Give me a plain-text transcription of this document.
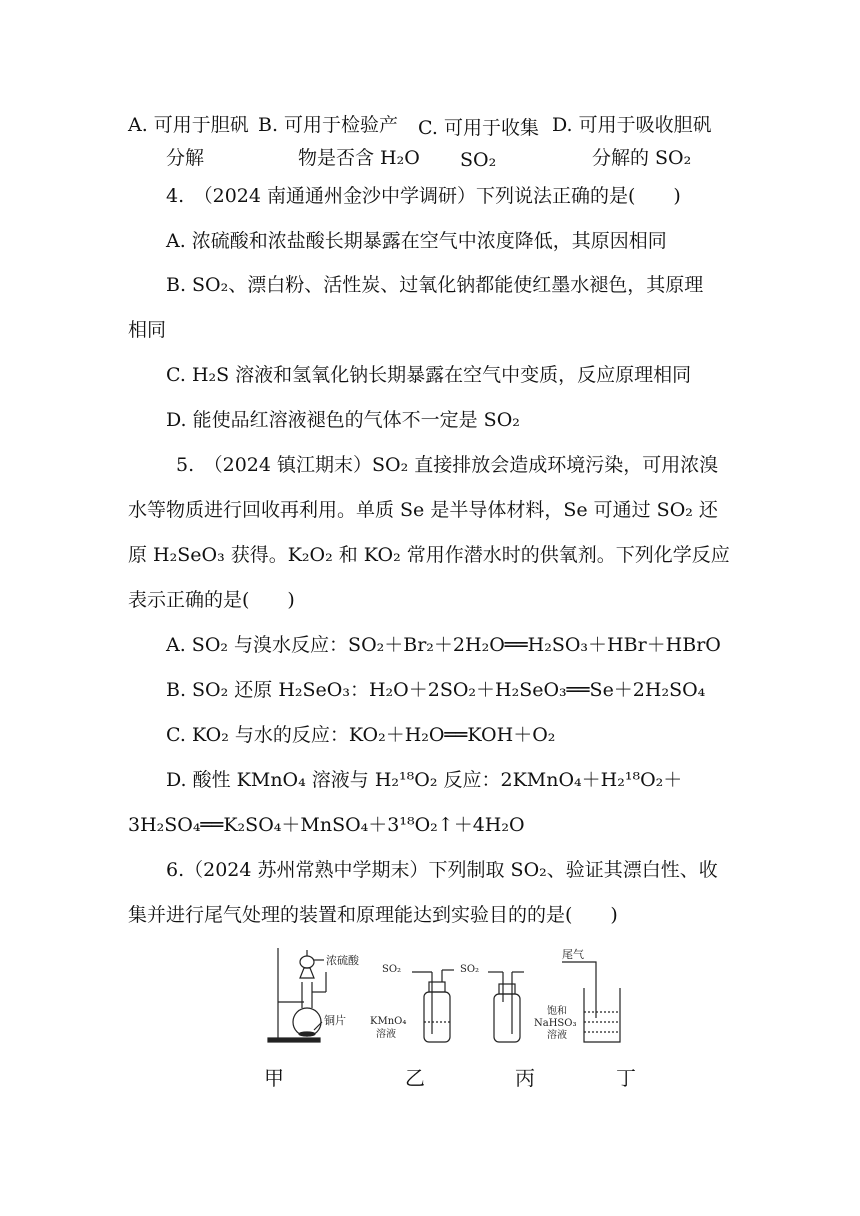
A. 可用于胆矾
分解
B. 可用于检验产
物是否含 H₂O
C. 可用于收集
SO₂
D. 可用于吸收胆矾
分解的 SO₂
4.　（2024 南通通州金沙中学调研）下列说法正确的是(　　)
A. 浓硫酸和浓盐酸长期暴露在空气中浓度降低，其原因相同
B. SO₂、漂白粉、活性炭、过氧化钠都能使红墨水褪色，其原理
相同
C. H₂S 溶液和氢氧化钠长期暴露在空气中变质，反应原理相同
D. 能使品红溶液褪色的气体不一定是 SO₂
5.　（2024 镇江期末）SO₂ 直接排放会造成环境污染，可用浓溴
水等物质进行回收再利用。单质 Se 是半导体材料，Se 可通过 SO₂ 还
原 H₂SeO₃ 获得。K₂O₂ 和 KO₂ 常用作潜水时的供氧剂。下列化学反应
表示正确的是(　　)
A. SO₂ 与溴水反应：SO₂＋Br₂＋2H₂O══H₂SO₃＋HBr＋HBrO
B. SO₂ 还原 H₂SeO₃：H₂O＋2SO₂＋H₂SeO₃══Se＋2H₂SO₄
C. KO₂ 与水的反应：KO₂＋H₂O══KOH＋O₂
D. 酸性 KMnO₄ 溶液与 H₂¹⁸O₂ 反应：2KMnO₄＋H₂¹⁸O₂＋
3H₂SO₄══K₂SO₄＋MnSO₄＋3¹⁸O₂↑＋4H₂O
6.（2024 苏州常熟中学期末）下列制取 SO₂、验证其漂白性、收
集并进行尾气处理的装置和原理能达到实验目的的是(　　)
浓硫酸
铜片
SO₂
KMnO₄
溶液
SO₂
尾气
饱和
NaHSO₃
溶液
甲	乙	丙	丁
